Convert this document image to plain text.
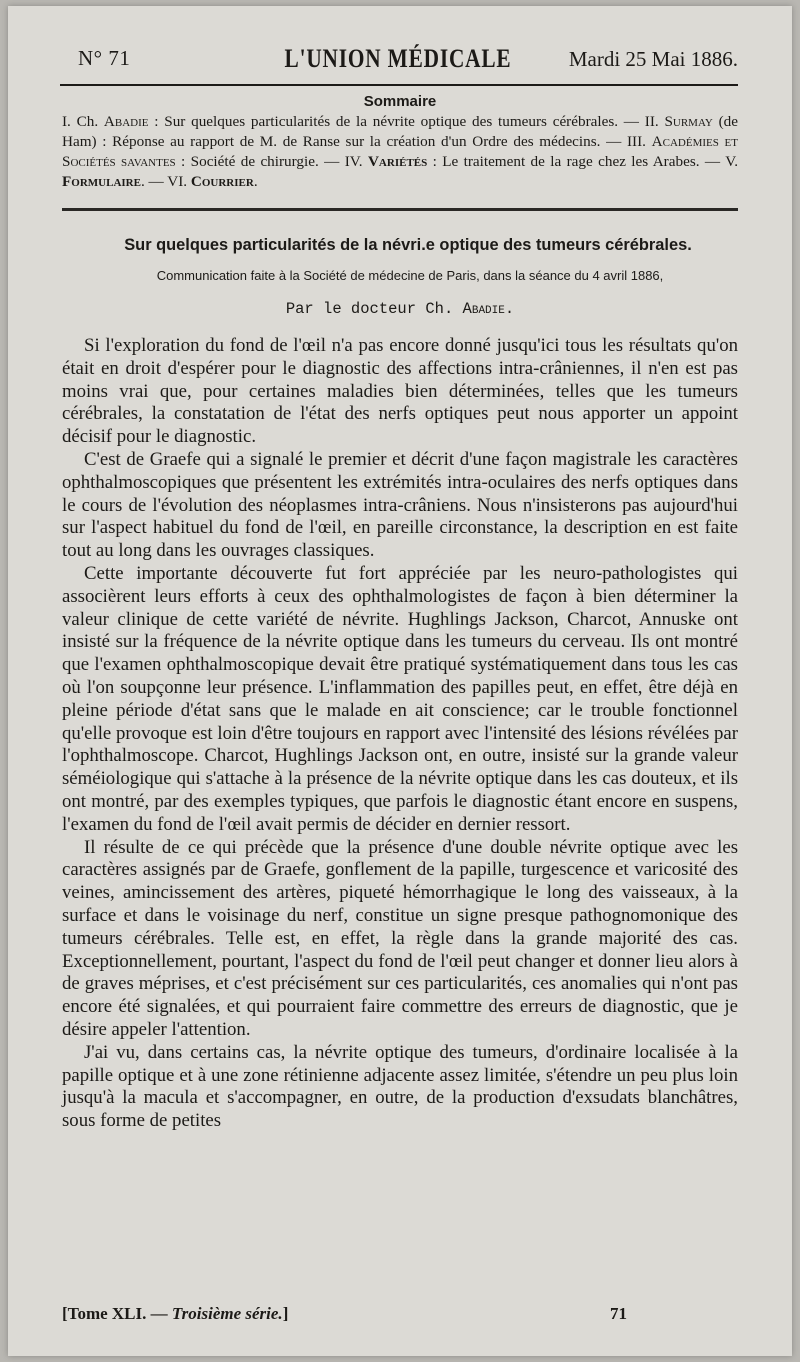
N° 71	L'UNION MÉDICALE	Mardi 25 Mai 1886.
Sommaire

I. Ch. Abadie : Sur quelques particularités de la névrite optique des tumeurs cérébrales. — II. Surmay (de Ham) : Réponse au rapport de M. de Ranse sur la création d'un Ordre des médecins. — III. Académies et Sociétés savantes : Société de chirurgie. — IV. Variétés : Le traitement de la rage chez les Arabes. — V. Formulaire. — VI. Courrier.

Sur quelques particularités de la névri.e optique des tumeurs cérébrales.
Communication faite à la Société de médecine de Paris, dans la séance du 4 avril 1886,
Par le docteur Ch. Abadie.

Si l'exploration du fond de l'œil n'a pas encore donné jusqu'ici tous les résultats qu'on était en droit d'espérer pour le diagnostic des affections intra-crâniennes, il n'en est pas moins vrai que, pour certaines maladies bien déterminées, telles que les tumeurs cérébrales, la constatation de l'état des nerfs optiques peut nous apporter un appoint décisif pour le diagnostic.

C'est de Graefe qui a signalé le premier et décrit d'une façon magistrale les caractères ophthalmoscopiques que présentent les extrémités intra-oculaires des nerfs optiques dans le cours de l'évolution des néoplasmes intra-crâniens. Nous n'insisterons pas aujourd'hui sur l'aspect habituel du fond de l'œil, en pareille circonstance, la description en est faite tout au long dans les ouvrages classiques.

Cette importante découverte fut fort appréciée par les neuro-pathologistes qui associèrent leurs efforts à ceux des ophthalmologistes de façon à bien déterminer la valeur clinique de cette variété de névrite. Hughlings Jackson, Charcot, Annuske ont insisté sur la fréquence de la névrite optique dans les tumeurs du cerveau. Ils ont montré que l'examen ophthalmoscopique devait être pratiqué systématiquement dans tous les cas où l'on soupçonne leur présence. L'inflammation des papilles peut, en effet, être déjà en pleine période d'état sans que le malade en ait conscience; car le trouble fonctionnel qu'elle provoque est loin d'être toujours en rapport avec l'intensité des lésions révélées par l'ophthalmoscope. Charcot, Hughlings Jackson ont, en outre, insisté sur la grande valeur séméiologique qui s'attache à la présence de la névrite optique dans les cas douteux, et ils ont montré, par des exemples typiques, que parfois le diagnostic étant encore en suspens, l'examen du fond de l'œil avait permis de décider en dernier ressort.

Il résulte de ce qui précède que la présence d'une double névrite optique avec les caractères assignés par de Graefe, gonflement de la papille, turgescence et varicosité des veines, amincissement des artères, piqueté hémorrhagique le long des vaisseaux, à la surface et dans le voisinage du nerf, constitue un signe presque pathognomonique des tumeurs cérébrales. Telle est, en effet, la règle dans la grande majorité des cas. Exceptionnellement, pourtant, l'aspect du fond de l'œil peut changer et donner lieu alors à de graves méprises, et c'est précisément sur ces particularités, ces anomalies qui n'ont pas encore été signalées, et qui pourraient faire commettre des erreurs de diagnostic, que je désire appeler l'attention.

J'ai vu, dans certains cas, la névrite optique des tumeurs, d'ordinaire localisée à la papille optique et à une zone rétinienne adjacente assez limitée, s'étendre un peu plus loin jusqu'à la macula et s'accompagner, en outre, de la production d'exsudats blanchâtres, sous forme de petites

[Tome XLI. — Troisième série.]	71
